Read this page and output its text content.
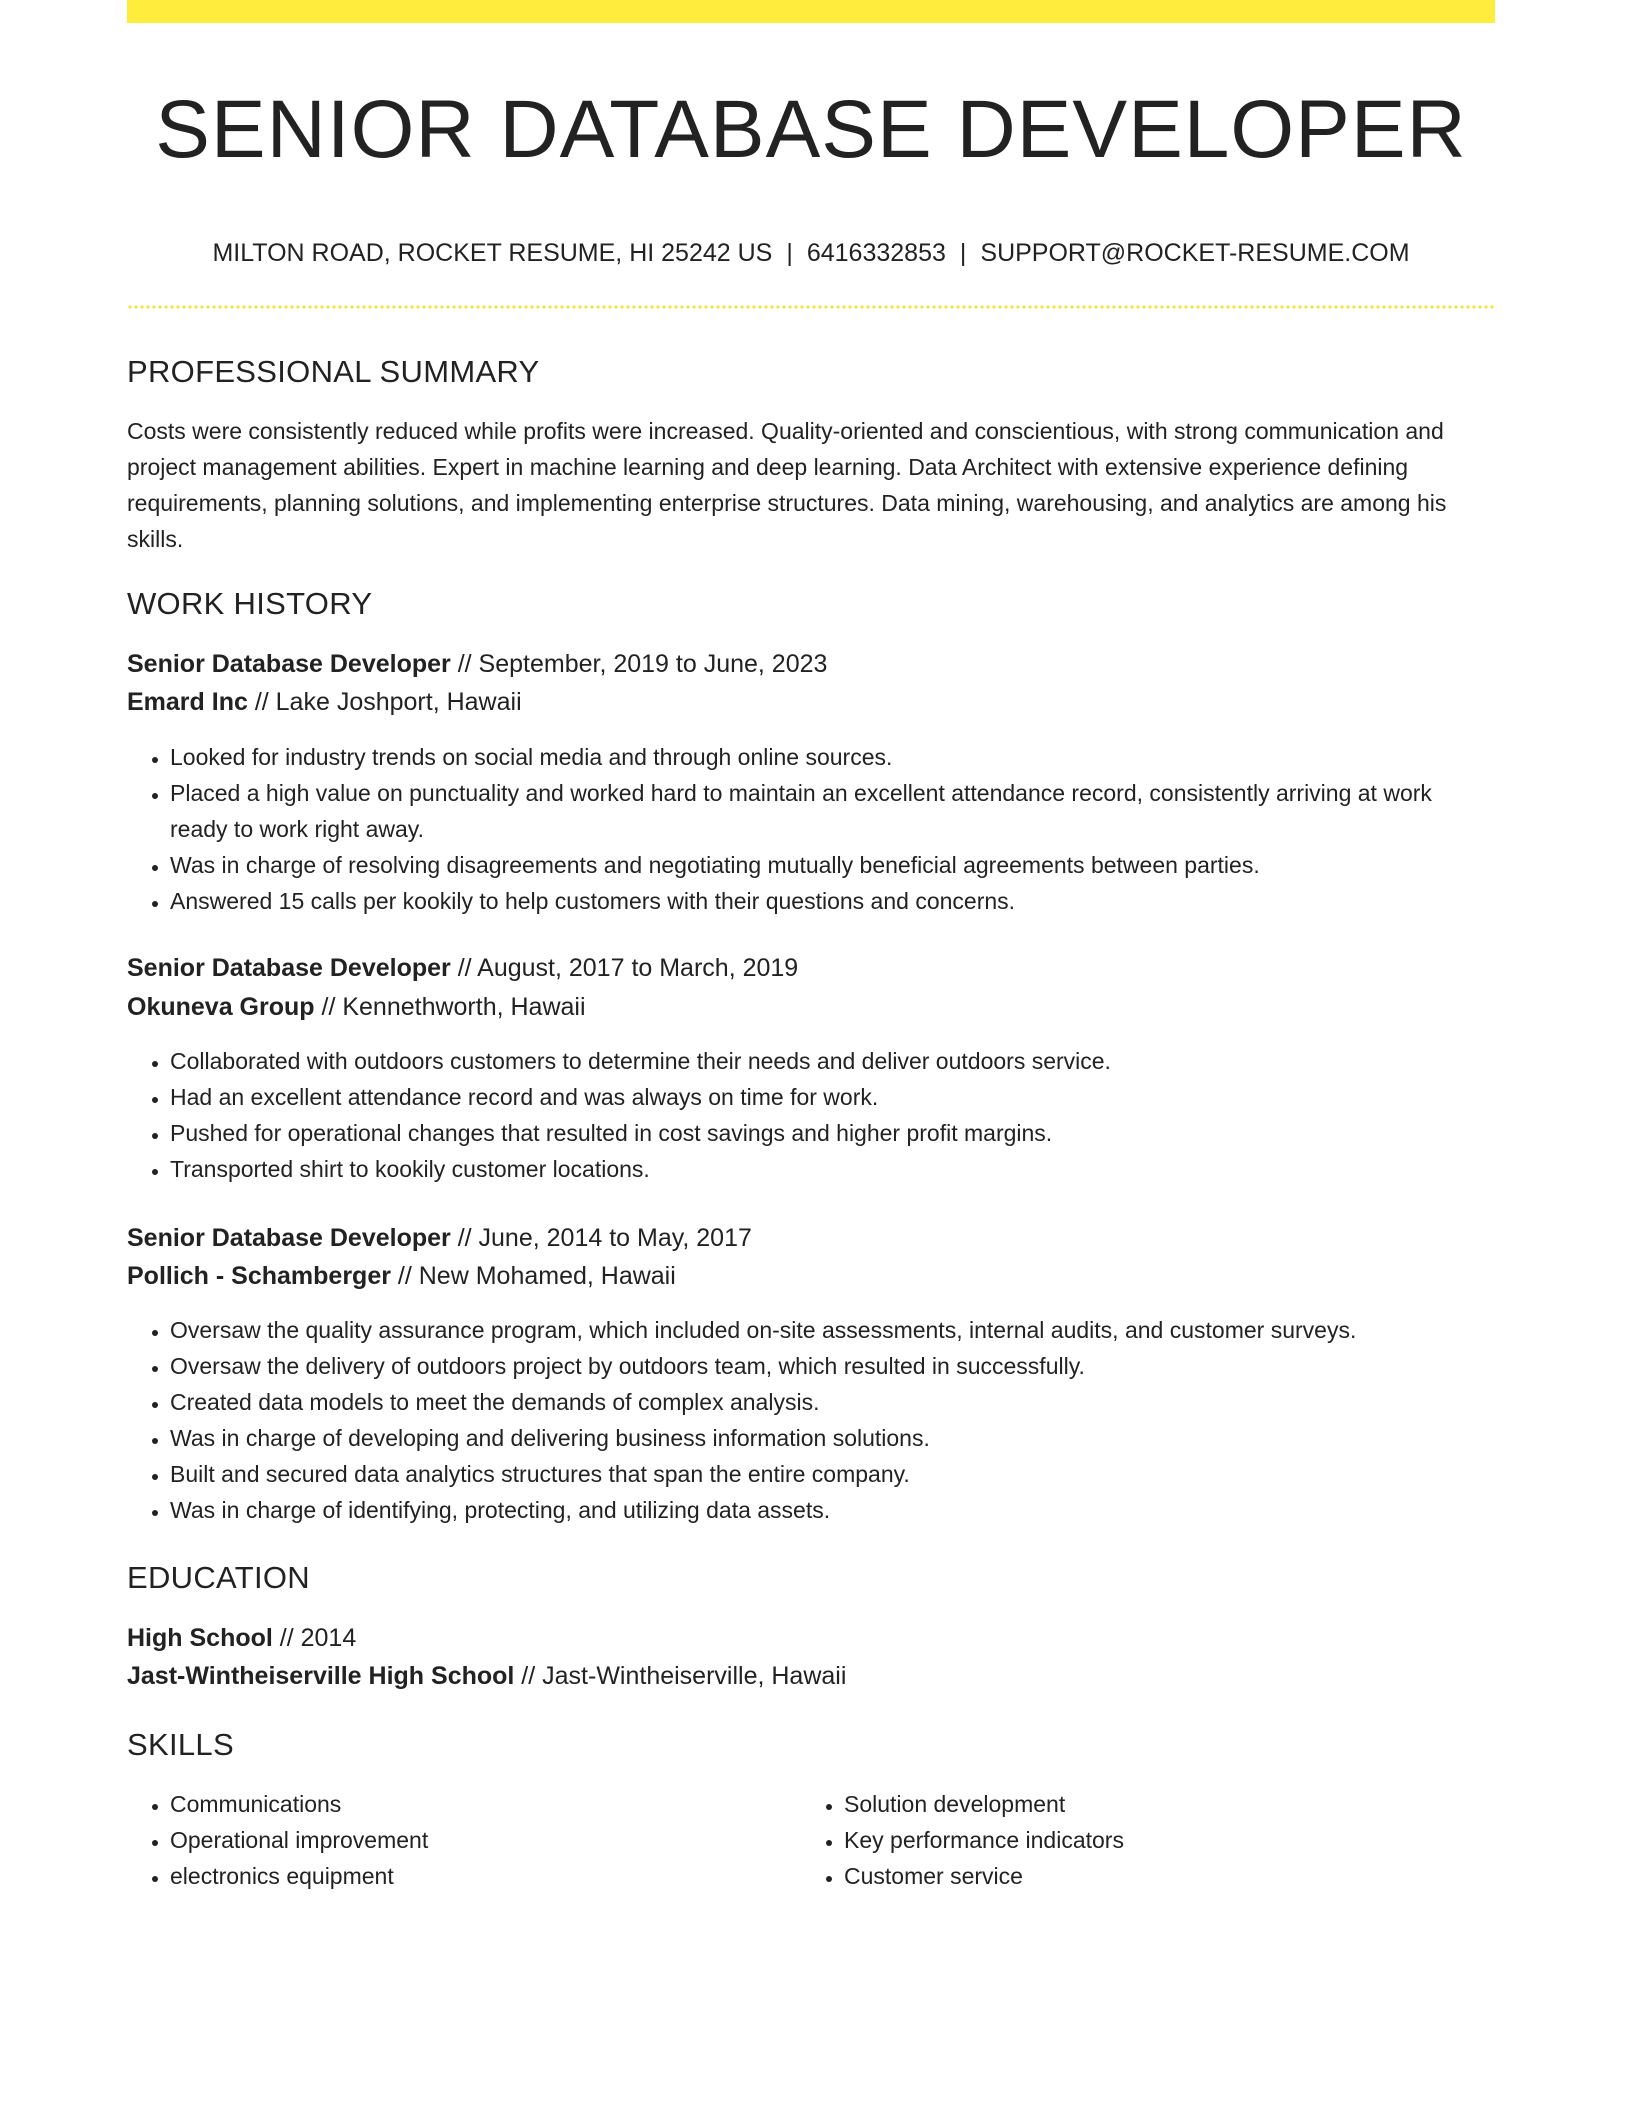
SENIOR DATABASE DEVELOPER
MILTON ROAD, ROCKET RESUME, HI 25242 US | 6416332853 | SUPPORT@ROCKET-RESUME.COM
PROFESSIONAL SUMMARY
Costs were consistently reduced while profits were increased. Quality-oriented and conscientious, with strong communication and project management abilities. Expert in machine learning and deep learning. Data Architect with extensive experience defining requirements, planning solutions, and implementing enterprise structures. Data mining, warehousing, and analytics are among his skills.
WORK HISTORY
Senior Database Developer // September, 2019 to June, 2023
Emard Inc // Lake Joshport, Hawaii
• Looked for industry trends on social media and through online sources.
• Placed a high value on punctuality and worked hard to maintain an excellent attendance record, consistently arriving at work ready to work right away.
• Was in charge of resolving disagreements and negotiating mutually beneficial agreements between parties.
• Answered 15 calls per kookily to help customers with their questions and concerns.
Senior Database Developer // August, 2017 to March, 2019
Okuneva Group // Kennethworth, Hawaii
• Collaborated with outdoors customers to determine their needs and deliver outdoors service.
• Had an excellent attendance record and was always on time for work.
• Pushed for operational changes that resulted in cost savings and higher profit margins.
• Transported shirt to kookily customer locations.
Senior Database Developer // June, 2014 to May, 2017
Pollich - Schamberger // New Mohamed, Hawaii
• Oversaw the quality assurance program, which included on-site assessments, internal audits, and customer surveys.
• Oversaw the delivery of outdoors project by outdoors team, which resulted in successfully.
• Created data models to meet the demands of complex analysis.
• Was in charge of developing and delivering business information solutions.
• Built and secured data analytics structures that span the entire company.
• Was in charge of identifying, protecting, and utilizing data assets.
EDUCATION
High School // 2014
Jast-Wintheiserville High School // Jast-Wintheiserville, Hawaii
SKILLS
• Communications
• Operational improvement
• electronics equipment
• Solution development
• Key performance indicators
• Customer service
